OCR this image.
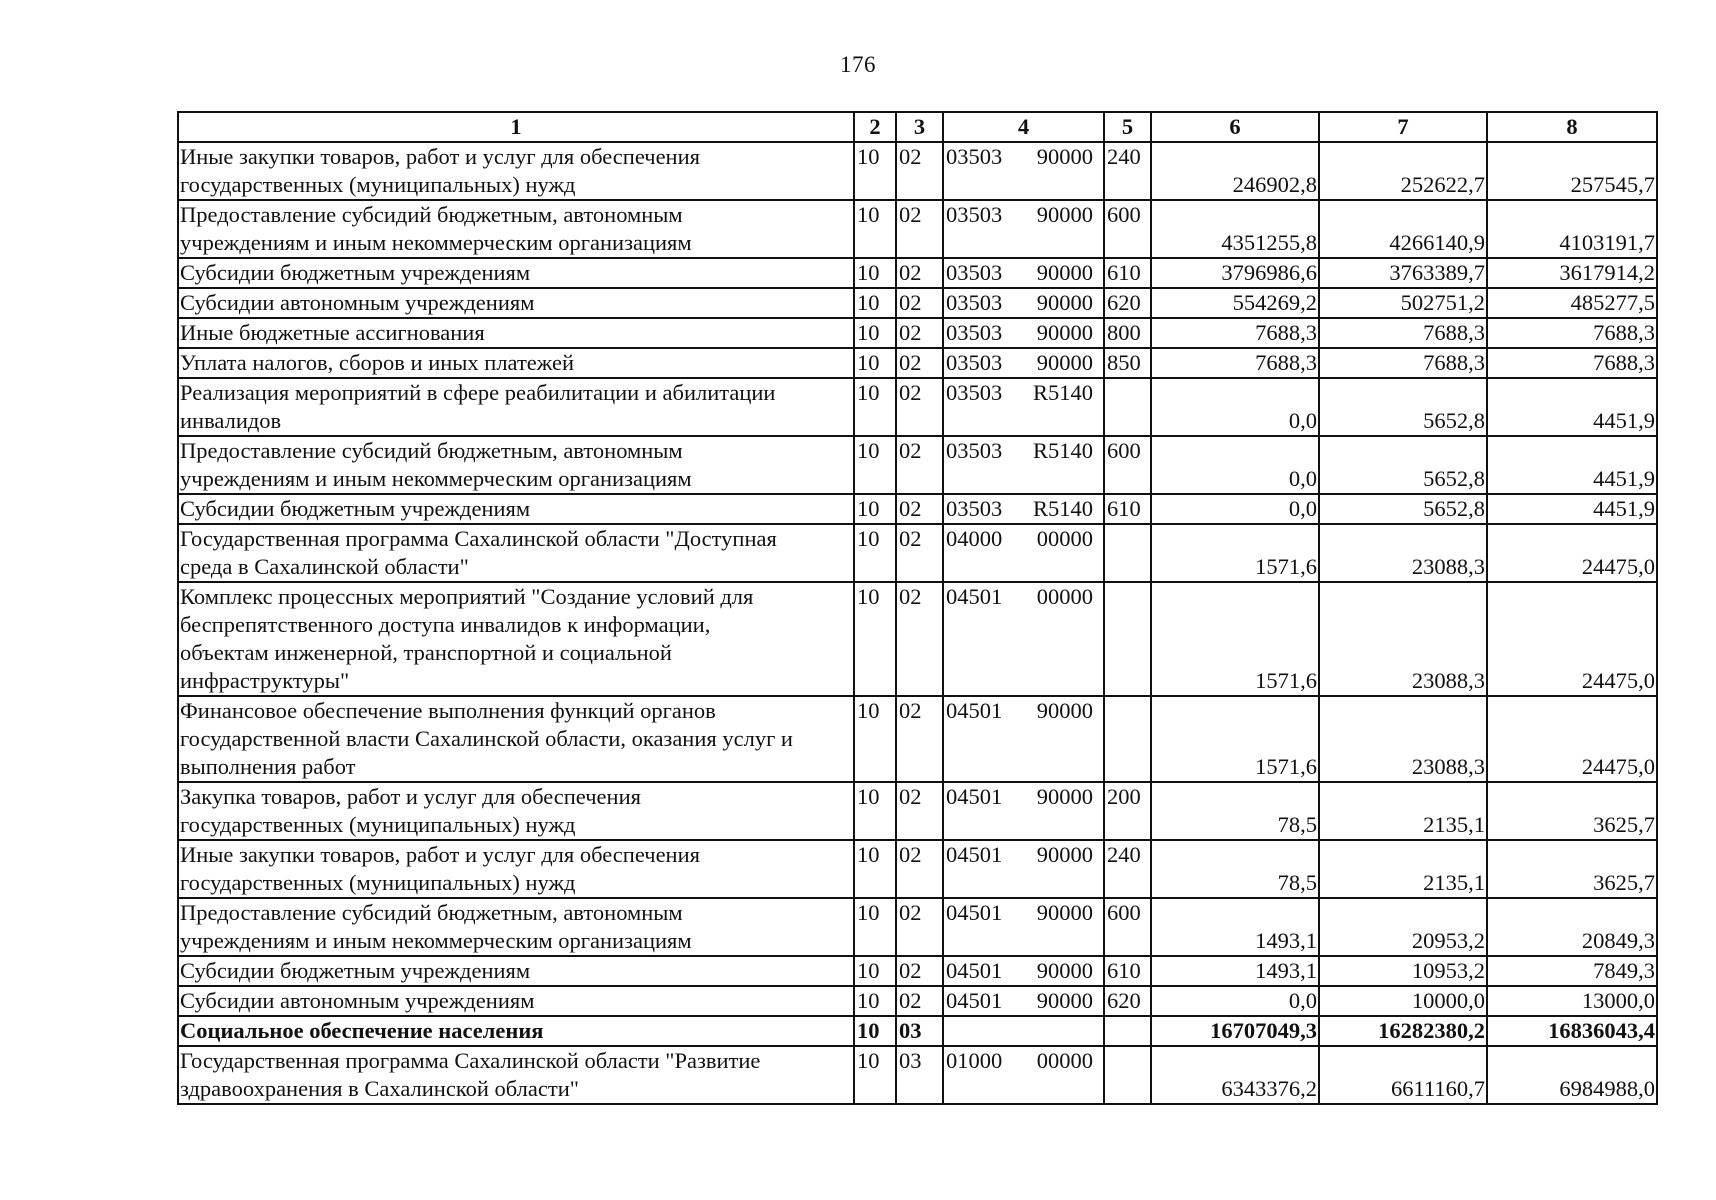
176
1	2	3	4	5	6	7	8
Иные закупки товаров, работ и услуг для обеспечения
государственных (муниципальных) нужд	10	02	03503 90000	240	246902,8	252622,7	257545,7
Предоставление субсидий бюджетным, автономным
учреждениям и иным некоммерческим организациям	10	02	03503 90000	600	4351255,8	4266140,9	4103191,7
Субсидии бюджетным учреждениям	10	02	03503 90000	610	3796986,6	3763389,7	3617914,2
Субсидии автономным учреждениям	10	02	03503 90000	620	554269,2	502751,2	485277,5
Иные бюджетные ассигнования	10	02	03503 90000	800	7688,3	7688,3	7688,3
Уплата налогов, сборов и иных платежей	10	02	03503 90000	850	7688,3	7688,3	7688,3
Реализация мероприятий в сфере реабилитации и абилитации
инвалидов	10	02	03503 R5140		0,0	5652,8	4451,9
Предоставление субсидий бюджетным, автономным
учреждениям и иным некоммерческим организациям	10	02	03503 R5140	600	0,0	5652,8	4451,9
Субсидии бюджетным учреждениям	10	02	03503 R5140	610	0,0	5652,8	4451,9
Государственная программа Сахалинской области "Доступная
среда в Сахалинской области"	10	02	04000 00000		1571,6	23088,3	24475,0
Комплекс процессных мероприятий "Создание условий для
беспрепятственного доступа инвалидов к информации,
объектам инженерной, транспортной и социальной
инфраструктуры"	10	02	04501 00000		1571,6	23088,3	24475,0
Финансовое обеспечение выполнения функций органов
государственной власти Сахалинской области, оказания услуг и
выполнения работ	10	02	04501 90000		1571,6	23088,3	24475,0
Закупка товаров, работ и услуг для обеспечения
государственных (муниципальных) нужд	10	02	04501 90000	200	78,5	2135,1	3625,7
Иные закупки товаров, работ и услуг для обеспечения
государственных (муниципальных) нужд	10	02	04501 90000	240	78,5	2135,1	3625,7
Предоставление субсидий бюджетным, автономным
учреждениям и иным некоммерческим организациям	10	02	04501 90000	600	1493,1	20953,2	20849,3
Субсидии бюджетным учреждениям	10	02	04501 90000	610	1493,1	10953,2	7849,3
Субсидии автономным учреждениям	10	02	04501 90000	620	0,0	10000,0	13000,0
Социальное обеспечение населения	10	03			16707049,3	16282380,2	16836043,4
Государственная программа Сахалинской области "Развитие
здравоохранения в Сахалинской области"	10	03	01000 00000		6343376,2	6611160,7	6984988,0
